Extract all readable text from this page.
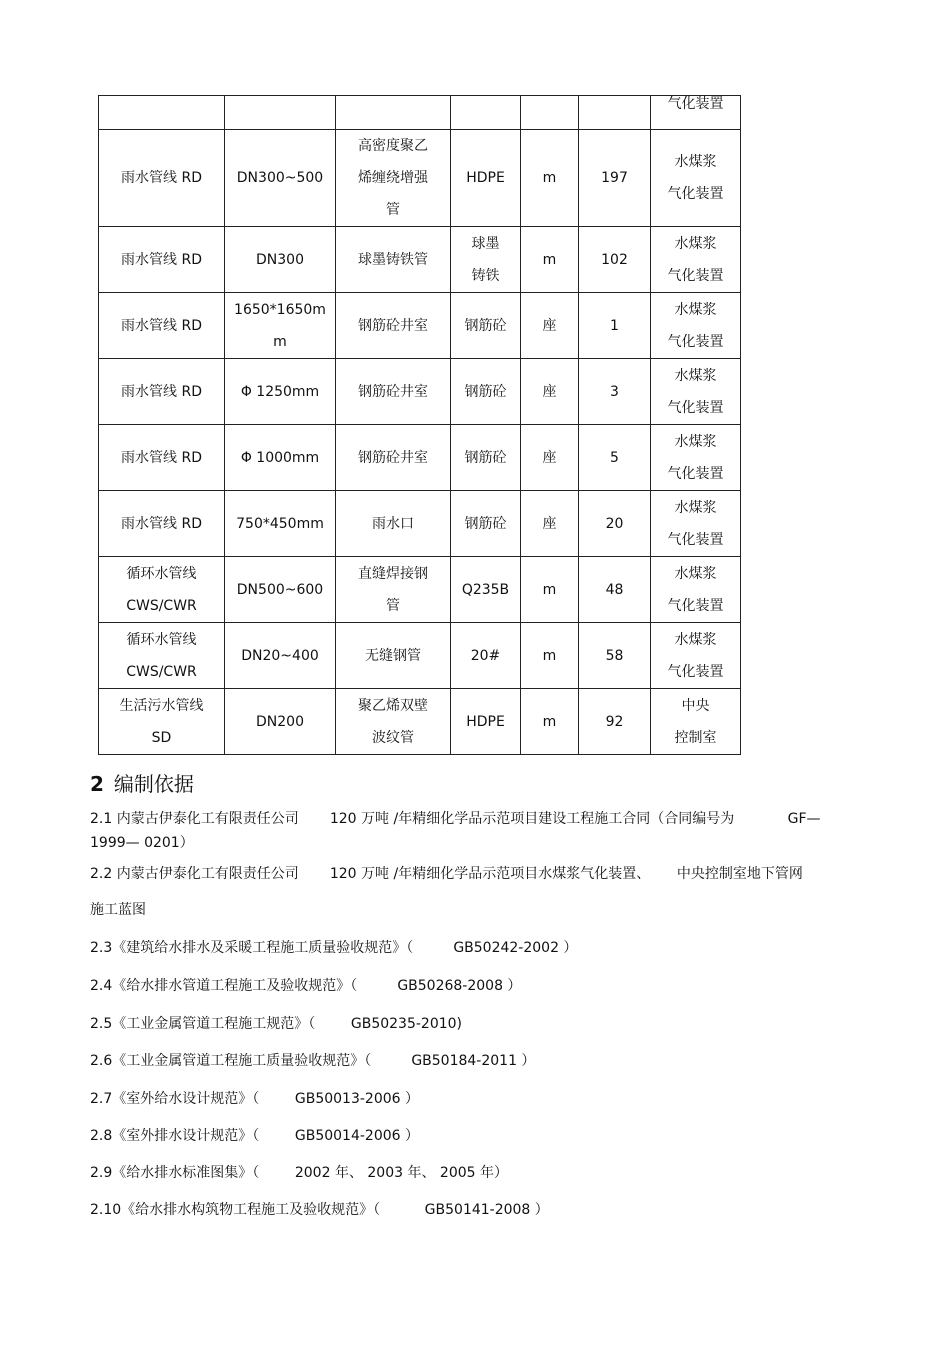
						气化装置

雨水管线 RD	DN300~500	高密度聚乙
烯缠绕增强
管	HDPE	m	197	水煤浆
气化装置

雨水管线 RD	DN300	球墨铸铁管	球墨
铸铁	m	102	水煤浆
气化装置

雨水管线 RD	1650*1650m
m	钢筋砼井室	钢筋砼	座	1	水煤浆
气化装置

雨水管线 RD	Φ 1250mm	钢筋砼井室	钢筋砼	座	3	水煤浆
气化装置

雨水管线 RD	Φ 1000mm	钢筋砼井室	钢筋砼	座	5	水煤浆
气化装置

雨水管线 RD	750*450mm	雨水口	钢筋砼	座	20	水煤浆
气化装置

循环水管线
CWS/CWR	DN500~600	直缝焊接钢
管	Q235B	m	48	水煤浆
气化装置

循环水管线
CWS/CWR	DN20~400	无缝钢管	20#	m	58	水煤浆
气化装置

生活污水管线
SD	DN200	聚乙烯双壁
波纹管	HDPE	m	92	中央
控制室
2 编制依据
2.1 内蒙古伊泰化工有限责任公司       120 万吨 /年精细化学品示范项目建设工程施工合同（合同编号为            GF—
1999— 0201）
2.2 内蒙古伊泰化工有限责任公司       120 万吨 /年精细化学品示范项目水煤浆气化装置、      中央控制室地下管网
施工蓝图
2.3《建筑给水排水及采暖工程施工质量验收规范》（         GB50242-2002 ）
2.4《给水排水管道工程施工及验收规范》（         GB50268-2008 ）
2.5《工业金属管道工程施工规范》（        GB50235-2010)
2.6《工业金属管道工程施工质量验收规范》（         GB50184-2011 ）
2.7《室外给水设计规范》（        GB50013-2006 ）
2.8《室外排水设计规范》（        GB50014-2006 ）
2.9《给水排水标准图集》（        2002 年、 2003 年、 2005 年）
2.10《给水排水构筑物工程施工及验收规范》（          GB50141-2008 ）
